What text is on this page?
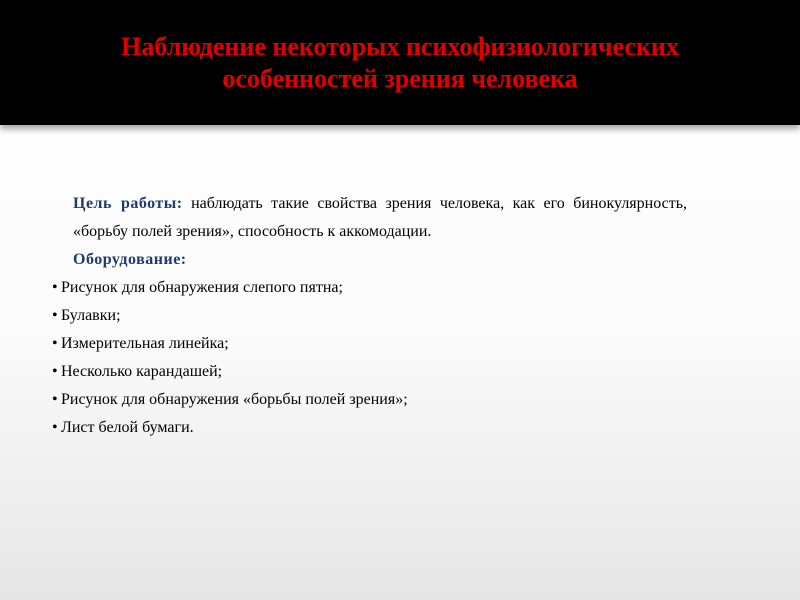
Наблюдение некоторых психофизиологических
особенностей зрения человека
Цель работы: наблюдать такие свойства зрения человека, как его бинокулярность, «борьбу полей зрения», способность к аккомодации.
Оборудование:
• Рисунок для обнаружения слепого пятна;
• Булавки;
• Измерительная линейка;
• Несколько карандашей;
• Рисунок для обнаружения «борьбы полей зрения»;
• Лист белой бумаги.
